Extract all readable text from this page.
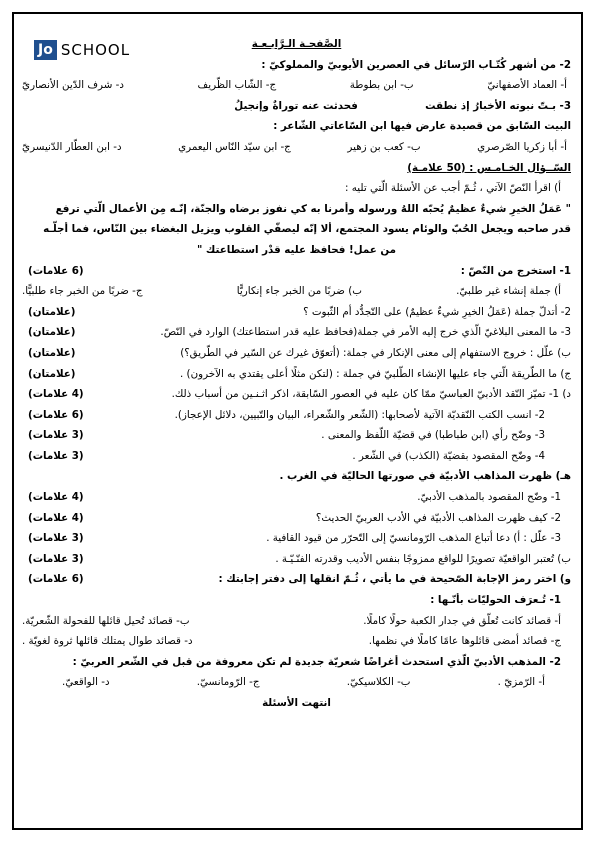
Jo SCHOOL	الصَّفحـة الـرَّابـعـة
2- من أشهر كُتّـاب الرّسائل في العصرين الأيوبيّ والمملوكيّ :
أ- العماد الأصفهانيّ
ب- ابن بطوطة
ج- الشّاب الظّريف
د- شرف الدّين الأنصاريّ
3- بـتّ نبوته الأخبارُ إذ نطقت  فحدثت عنه توراةٌ وإنجيلُ
البيت السّابق من قصيدة عارض فيها ابن السّاعاتي الشّاعر :
أ- أبا زكريا الصّرصري
ب- كعب بن زهير
ج- ابن سيّد النّاس اليعمري
د- ابن العطّار الدّنيسريّ
السّــؤال الخـامـس : (50 علامـة)
أ) اقرأ النّصّ الآتي ، ثُـمّ أجب عن الأسئلة الّتي تليه :
" عَمَلُ الخيرِ شيءٌ عظيمٌ يُحبّه اللهُ ورسوله وأمرنا به كي نفوز برضاه والجنّة، إنّـه مِن الأعمال الّتي ترفع
قدر صاحبه ويجعل الحُبّ والوئام يسود المجتمع، ألا إنّه ليصفّي القلوب ويزيل البغضاء بين النّاس، فما أجلّـه
من عمل! فحافظ عليه قدْر استطاعتك "
1- استخرج من النّصّ :
(6 علامات)
أ) جملة إنشاء غير طلبيّ.
ب) ضربًا من الخبر جاء إنكاريًّا
ج- ضربًا من الخبر جاء طلبيًّا.
2- أتدلّ جملة (عَمَلُ الخيرِ شيءٌ عظيمٌ) على التّجدُّد أم الثّبوت ؟
(علامتان)
3- ما المعنى البلاغيّ الّذي خرج إليه الأمر في جملة(فحافظ عليه قدر استطاعتك) الوارد في النّصّ.
(علامتان)
ب) علّل : خروج الاستفهام إلى معنى الإنكار في جملة: (أتعوّق غيرك عن السّير في الطّريق؟)
(علامتان)
ج) ما الطّريقة الّتي جاء عليها الإنشاء الطّلبيّ في جملة : (لتكن مثلًا أعلى يقتدي به الآخرون) .
(علامتان)
د) 1- تميّز النّقد الأدبيّ العباسيّ ممّا كان عليه في العصور السّابقة، اذكر اثـنـين من أسباب ذلك.
(4 علامات)
2- انسب الكتب النّقديّة الآتية لأصحابها: (الشّعر والشّعراء، البيان والتّبيين، دلائل الإعجاز).
(6 علامات)
3- وضّح رأي (ابن طباطبا) في قضيّة اللّفظ والمعنى .
(3 علامات)
4- وضّح المقصود بقضيّة (الكذب) في الشّعر .
(3 علامات)
هـ) ظهرت المذاهب الأدبيّة في صورتها الحاليّة في الغرب .
1- وضّح المقصود بالمذهب الأدبيّ.
(4 علامات)
2- كيف ظهرت المذاهب الأدبيّة في الأدب العربيّ الحديث؟
(4 علامات)
3- علّل : أ) دعا أتباع المذهب الرّومانسيّ إلى التّحرّر من قيود القافية .
(3 علامات)
ب) تُعتبر الواقعيّة تصويرًا للواقع ممزوجًا بنفس الأديب وقدرته الفنّـيّـة .
(3 علامات)
و) اختر رمز الإجابة الصّحيحة في ما يأتي ، ثُـمّ انقلها إلى دفتر إجابتك :
(6 علامات)
1- تُـعرَف الحوليّات بأنّـها :
أ- قصائد كانت تُعلّق في جدار الكعبة حولًا كاملًا.
ب- قصائد تُحيل قائلها للفحولة الشّعريّة.
ج- قصائد أمضى قائلوها عامًا كاملًا في نظمها.
د- قصائد طوال يمتلك قائلها ثروة لغويّة .
2- المذهب الأدبيّ الّذي استحدث أغراضًا شعريّة جديدة لم تكن معروفة من قبل في الشّعر العربيّ :
أ- الرّمزيّ .
ب- الكلاسيكيّ.
ج- الرّومانسيّ.
د- الواقعيّ.
انتهت الأسئلة
